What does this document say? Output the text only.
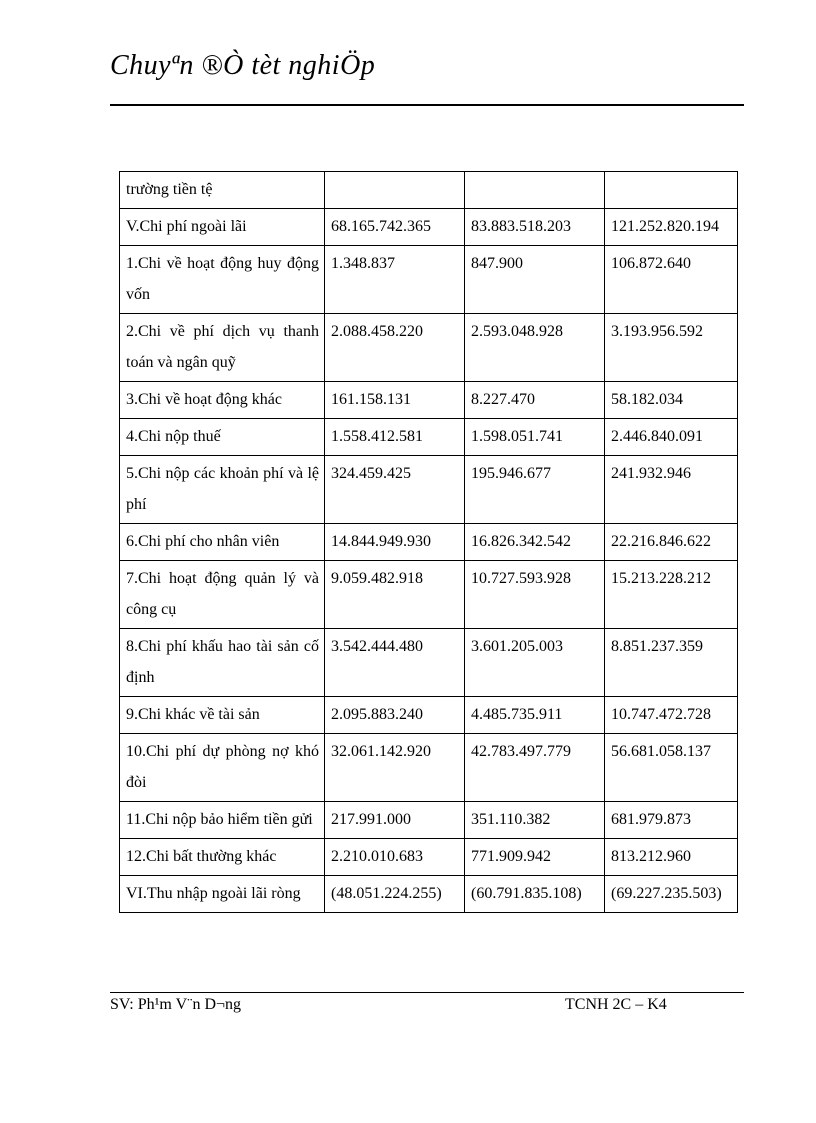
Chuyªn ®Ò tèt nghiÖp
trường tiền tệ			
V.Chi phí ngoài lãi	68.165.742.365	83.883.518.203	121.252.820.194
1.Chi về hoạt động huy động vốn	1.348.837	847.900	106.872.640
2.Chi về phí dịch vụ thanh toán và ngân quỹ	2.088.458.220	2.593.048.928	3.193.956.592
3.Chi về hoạt động khác	161.158.131	8.227.470	58.182.034
4.Chi nộp thuế	1.558.412.581	1.598.051.741	2.446.840.091
5.Chi nộp các khoản phí và lệ phí	324.459.425	195.946.677	241.932.946
6.Chi phí cho nhân viên	14.844.949.930	16.826.342.542	22.216.846.622
7.Chi hoạt động quản lý và công cụ	9.059.482.918	10.727.593.928	15.213.228.212
8.Chi phí khấu hao tài sản cố định	3.542.444.480	3.601.205.003	8.851.237.359
9.Chi khác về tài sản	2.095.883.240	4.485.735.911	10.747.472.728
10.Chi phí dự phòng nợ khó đòi	32.061.142.920	42.783.497.779	56.681.058.137
11.Chi nộp bảo hiểm tiền gửi	217.991.000	351.110.382	681.979.873
12.Chi bất thường khác	2.210.010.683	771.909.942	813.212.960
VI.Thu nhập ngoài lãi ròng	(48.051.224.255)	(60.791.835.108)	(69.227.235.503)
SV: Ph¹m V¨n D¬ng	TCNH 2C – K4
